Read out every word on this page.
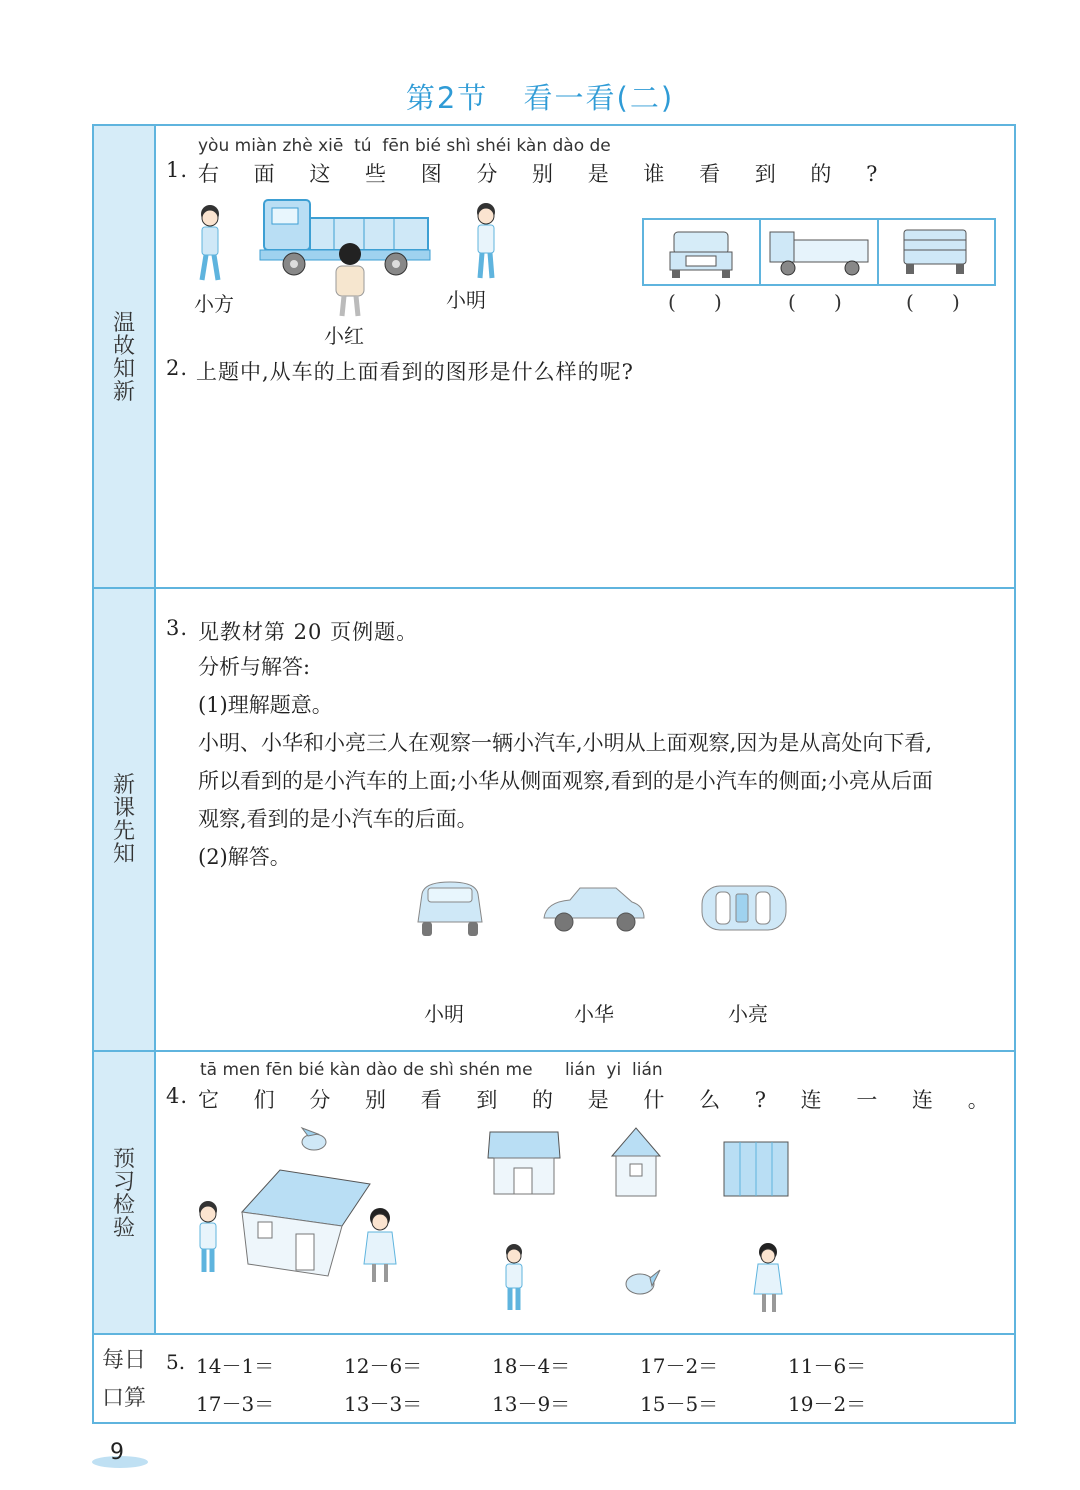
第2节 看一看(二)
温故知新
新课先知
预习检验
每日
口算
yòu miàn zhè xiē  tú  fēn bié shì shéi kàn dào de
1. 右 面 这 些 图 分 别 是 谁 看 到 的 ?
小方
小红
小明	(      )	(      )	(      )
2. 上题中,从车的上面看到的图形是什么样的呢?
3. 见教材第 20 页例题。
分析与解答:
(1)理解题意。
小明、小华和小亮三人在观察一辆小汽车,小明从上面观察,因为是从高处向下看,
所以看到的是小汽车的上面;小华从侧面观察,看到的是小汽车的侧面;小亮从后面
观察,看到的是小汽车的后面。
(2)解答。
小明	小华	小亮
tā men fēn bié kàn dào de shì shén me      lián  yi  lián
4. 它 们 分 别 看 到 的 是 什 么 ? 连 一 连 。
5. 14－1＝	12－6＝	18－4＝	17－2＝	11－6＝
17－3＝	13－3＝	13－9＝	15－5＝	19－2＝
9
